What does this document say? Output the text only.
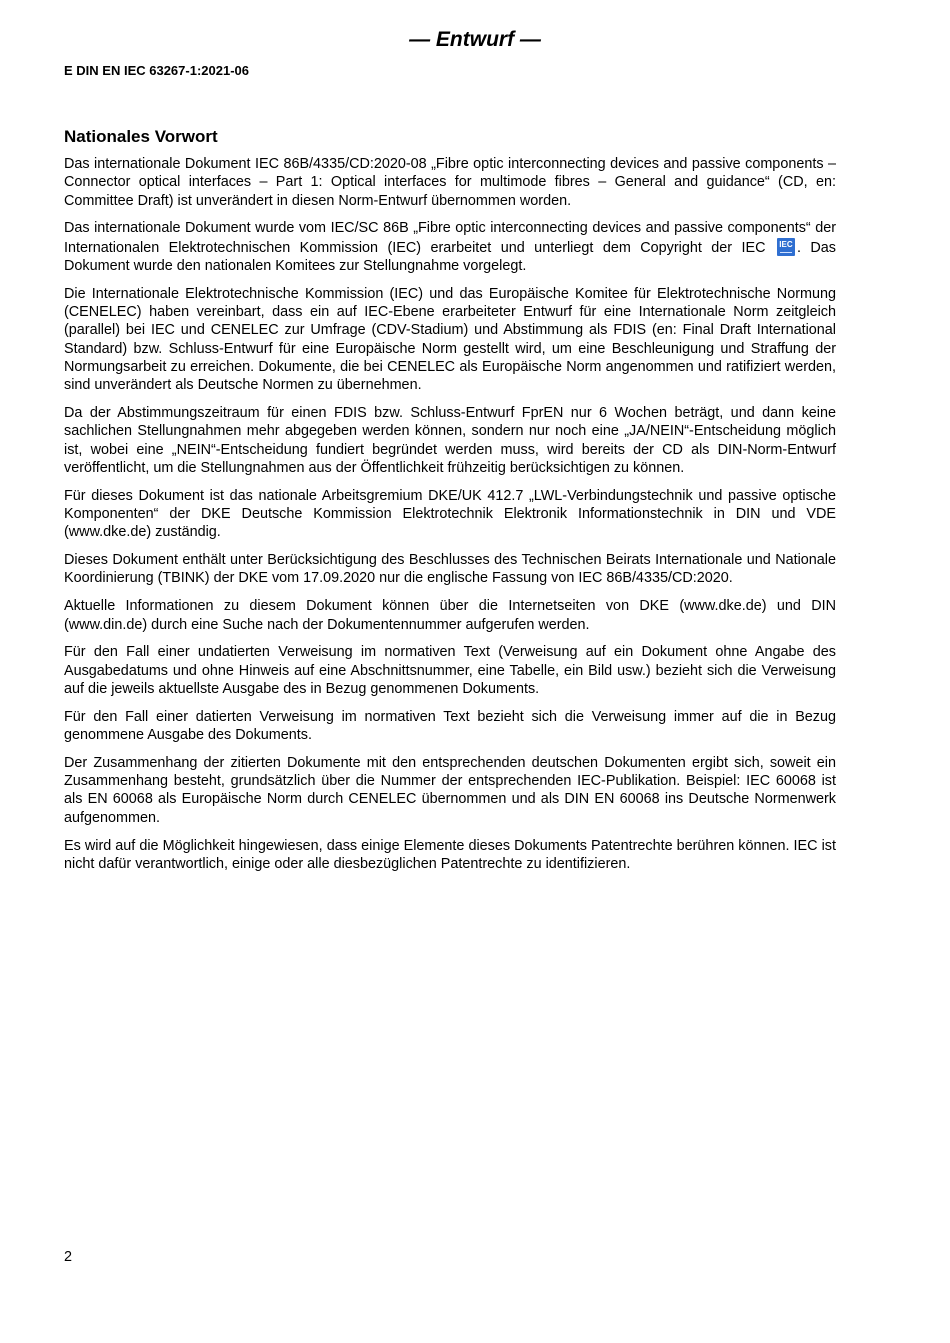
— Entwurf —
E DIN EN IEC 63267-1:2021-06
Nationales Vorwort

Das internationale Dokument IEC 86B/4335/CD:2020-08 „Fibre optic interconnecting devices and passive components – Connector optical interfaces – Part 1: Optical interfaces for multimode fibres – General and guidance“ (CD, en: Committee Draft) ist unverändert in diesen Norm-Entwurf übernommen worden.

Das internationale Dokument wurde vom IEC/SC 86B „Fibre optic interconnecting devices and passive components“ der Internationalen Elektrotechnischen Kommission (IEC) erarbeitet und unterliegt dem Copyright der IEC IEC . Das Dokument wurde den nationalen Komitees zur Stellungnahme vorgelegt.

Die Internationale Elektrotechnische Kommission (IEC) und das Europäische Komitee für Elektrotechnische Normung (CENELEC) haben vereinbart, dass ein auf IEC-Ebene erarbeiteter Entwurf für eine Internationale Norm zeitgleich (parallel) bei IEC und CENELEC zur Umfrage (CDV-Stadium) und Abstimmung als FDIS (en: Final Draft International Standard) bzw. Schluss-Entwurf für eine Europäische Norm gestellt wird, um eine Beschleunigung und Straffung der Normungsarbeit zu erreichen. Dokumente, die bei CENELEC als Europäische Norm angenommen und ratifiziert werden, sind unverändert als Deutsche Normen zu übernehmen.

Da der Abstimmungszeitraum für einen FDIS bzw. Schluss-Entwurf FprEN nur 6 Wochen beträgt, und dann keine sachlichen Stellungnahmen mehr abgegeben werden können, sondern nur noch eine „JA/NEIN“-Entscheidung möglich ist, wobei eine „NEIN“-Entscheidung fundiert begründet werden muss, wird bereits der CD als DIN-Norm-Entwurf veröffentlicht, um die Stellungnahmen aus der Öffentlichkeit frühzeitig berücksichtigen zu können.

Für dieses Dokument ist das nationale Arbeitsgremium DKE/UK 412.7 „LWL-Verbindungstechnik und passive optische Komponenten“ der DKE Deutsche Kommission Elektrotechnik Elektronik Informationstechnik in DIN und VDE (www.dke.de) zuständig.

Dieses Dokument enthält unter Berücksichtigung des Beschlusses des Technischen Beirats Internationale und Nationale Koordinierung (TBINK) der DKE vom 17.09.2020 nur die englische Fassung von IEC 86B/4335/CD:2020.

Aktuelle Informationen zu diesem Dokument können über die Internetseiten von DKE (www.dke.de) und DIN (www.din.de) durch eine Suche nach der Dokumentennummer aufgerufen werden.

Für den Fall einer undatierten Verweisung im normativen Text (Verweisung auf ein Dokument ohne Angabe des Ausgabedatums und ohne Hinweis auf eine Abschnittsnummer, eine Tabelle, ein Bild usw.) bezieht sich die Verweisung auf die jeweils aktuellste Ausgabe des in Bezug genommenen Dokuments.

Für den Fall einer datierten Verweisung im normativen Text bezieht sich die Verweisung immer auf die in Bezug genommene Ausgabe des Dokuments.

Der Zusammenhang der zitierten Dokumente mit den entsprechenden deutschen Dokumenten ergibt sich, soweit ein Zusammenhang besteht, grundsätzlich über die Nummer der entsprechenden IEC-Publikation. Beispiel: IEC 60068 ist als EN 60068 als Europäische Norm durch CENELEC übernommen und als DIN EN 60068 ins Deutsche Normenwerk aufgenommen.

Es wird auf die Möglichkeit hingewiesen, dass einige Elemente dieses Dokuments Patentrechte berühren können. IEC ist nicht dafür verantwortlich, einige oder alle diesbezüglichen Patentrechte zu identifizieren.

2
